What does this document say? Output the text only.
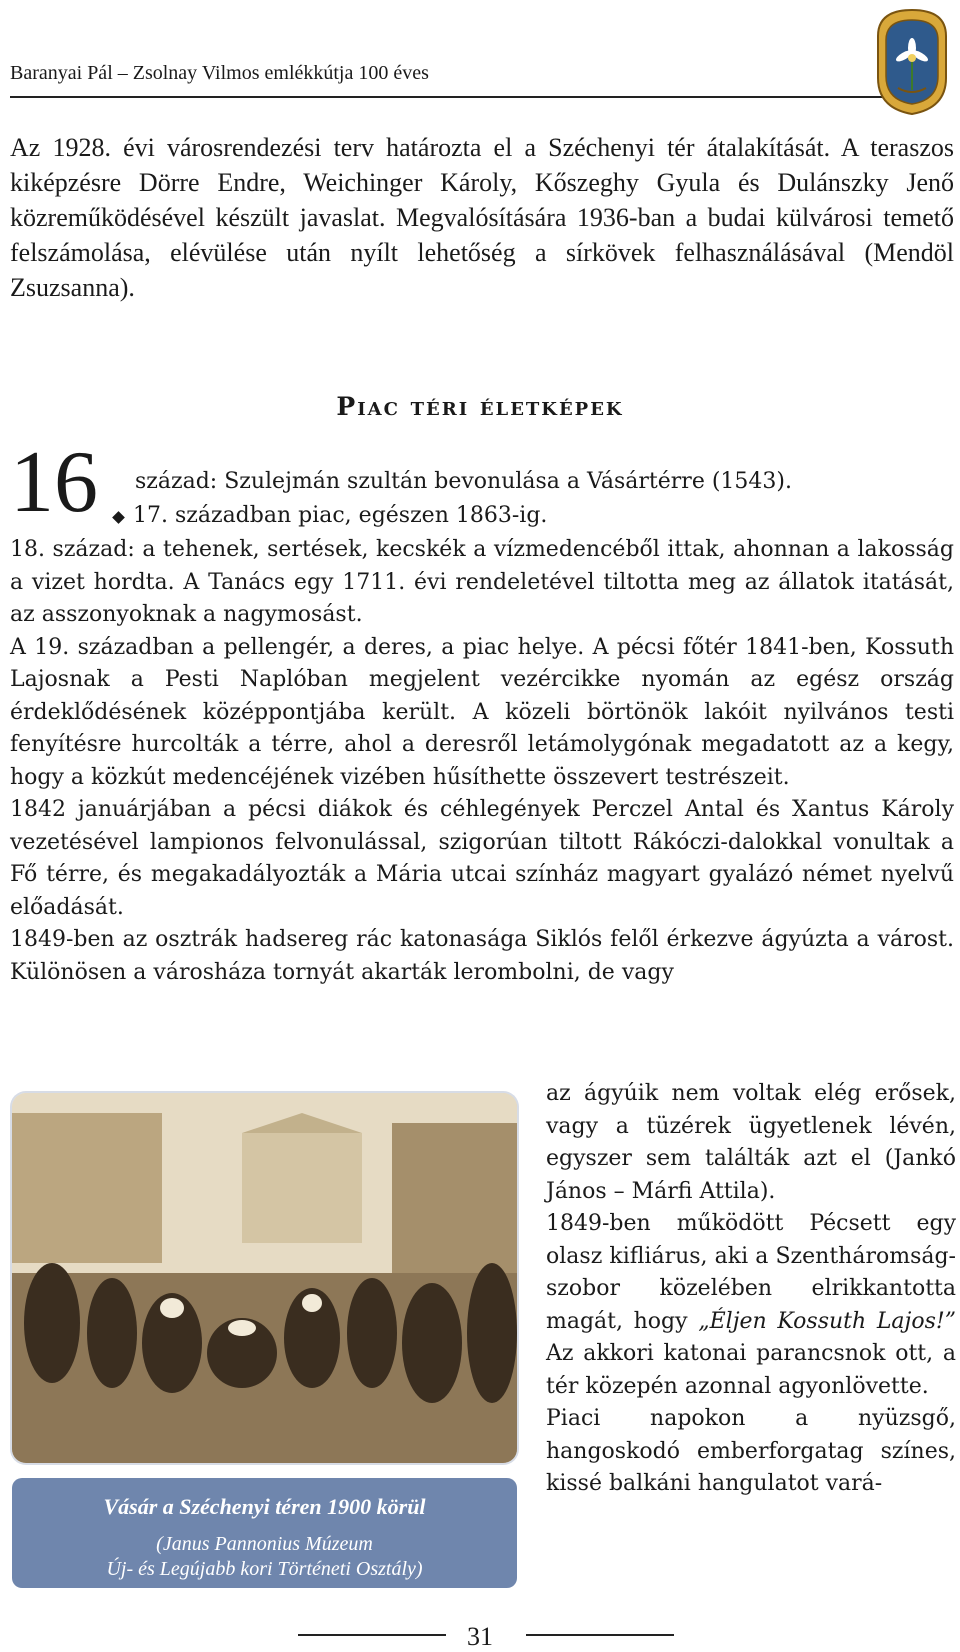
Baranyai Pál – Zsolnay Vilmos emlékkútja 100 éves
Az 1928. évi városrendezési terv határozta el a Széchenyi tér átalakítását. A teraszos kiképzésre Dörre Endre, Weichinger Károly, Kőszeghy Gyula és Dulánszky Jenő közreműködésével készült javaslat. Megvalósítására 1936-ban a budai külvárosi temető felszámolása, elévülése után nyílt lehetőség a sírkövek felhasználásával (Mendöl Zsuzsanna).
Piac téri életképek
16 század: Szulejmán szultán bevonulása a Vásártérre (1543).
17. században piac, egészen 1863-ig.

18. század: a tehenek, sertések, kecskék a vízmedencéből ittak, ahonnan a lakosság a vizet hordta. A Tanács egy 1711. évi rendeletével tiltotta meg az állatok itatását, az asszonyoknak a nagymosást.

A 19. században a pellengér, a deres, a piac helye. A pécsi főtér 1841-ben, Kossuth Lajosnak a Pesti Naplóban megjelent vezércikke nyomán az egész ország érdeklődésének középpontjába került. A közeli börtönök lakóit nyilvános testi fenyítésre hurcolták a térre, ahol a deresről letámolygónak megadatott az a kegy, hogy a közkút medencéjének vizében hűsíthette összevert testrészeit.

1842 januárjában a pécsi diákok és céhlegények Perczel Antal és Xantus Károly vezetésével lampionos felvonulással, szigorúan tiltott Rákóczi-dalokkal vonultak a Fő térre, és megakadályozták a Mária utcai színház magyart gyalázó német nyelvű előadását.

1849-ben az osztrák hadsereg rác katonasága Siklós felől érkezve ágyúzta a várost. Különösen a városháza tornyát akarták lerombolni, de vagy

Vásár a Széchenyi téren 1900 körül
(Janus Pannonius Múzeum
Új- és Legújabb kori Történeti Osztály)

az ágyúik nem voltak elég erősek, vagy a tüzérek ügyetlenek lévén, egyszer sem találták azt el (Jankó János – Márfi Attila).

1849-ben működött Pécsett egy olasz kifliárus, aki a Szentháromság-szobor közelében elrikkantotta magát, hogy „Éljen Kossuth Lajos!” Az akkori katonai parancsnok ott, a tér közepén azonnal agyonlövette.

Piaci napokon a nyüzsgő, hangoskodó emberforgatag színes, kissé balkáni hangulatot vará-

31
